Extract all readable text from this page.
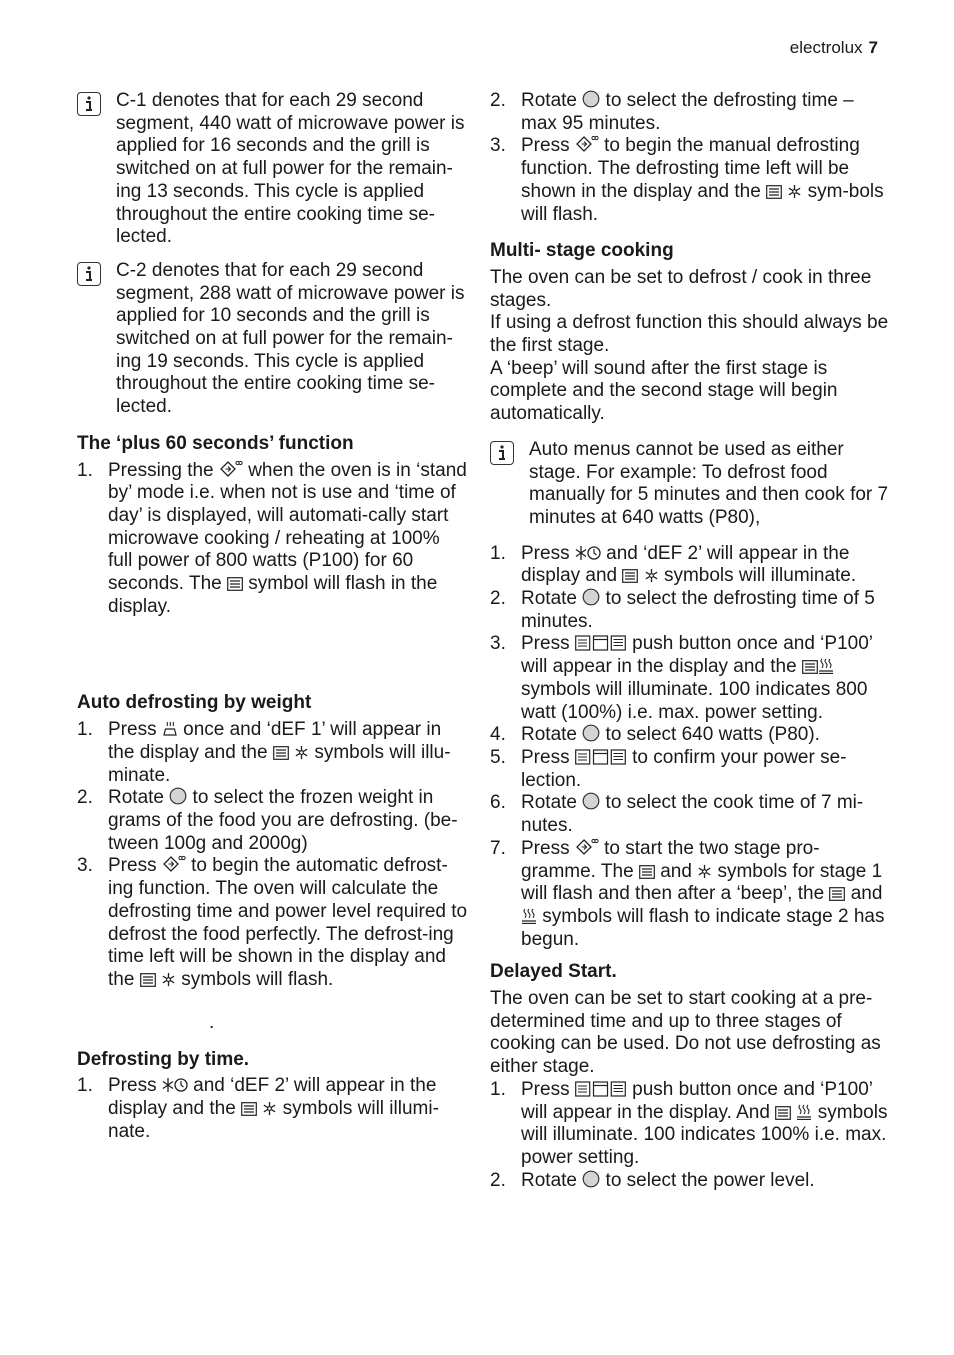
electrolux 7
C-1 denotes that for each 29 second segment, 440 watt of microwave power is applied for 16 seconds and the grill is switched on at full power for the remain-ing 13 seconds. This cycle is applied throughout the entire cooking time se-lected.
C-2 denotes that for each 29 second segment, 288 watt of microwave power is applied for 10 seconds and the grill is switched on at full power for the remain-ing 19 seconds. This cycle is applied throughout the entire cooking time se-lected.
The ‘plus 60 seconds’ function
1. Pressing the when the oven is in ‘stand by’ mode i.e. when not is use and ‘time of day’ is displayed, will automati-cally start microwave cooking / reheating at 100% full power of 800 watts (P100) for 60 seconds. The symbol will flash in the display.
Auto defrosting by weight
1. Press once and ‘dEF 1’ will appear in the display and the
symbols will illu-minate.
2. Rotate to select the frozen weight in grams of the food you are defrosting. (be-tween 100g and 2000g)
3. Press to begin the automatic defrost-ing function. The oven will calculate the defrosting time and power level required to defrost the food perfectly. The defrost-ing time left will be shown in the display and the
symbols will flash.
.
Defrosting by time.
1. Press and ‘dEF 2’ will appear in the display and the
symbols will illumi-nate.
2. Rotate to select the defrosting time – max 95 minutes.
3. Press to begin the manual defrosting function. The defrosting time left will be shown in the display and the
sym-bols will flash.
Multi- stage cooking

The oven can be set to defrost / cook in three stages.

If using a defrost function this should always be the first stage.

A ‘beep’ will sound after the first stage is complete and the second stage will begin automatically.

Auto menus cannot be used as either stage. For example: To defrost food manually for 5 minutes and then cook for 7 minutes at 640 watts (P80),
1. Press and ‘dEF 2’ will appear in the display and
symbols will illuminate.
2. Rotate to select the defrosting time of 5 minutes.
3. Press	push button once and ‘P100’ will appear in the display and the
symbols will illuminate. 100 indicates 800 watt (100%) i.e. max. power setting.
4. Rotate to select 640 watts (P80).
5. Press	to confirm your power se-lection.
6. Rotate to select the cook time of 7 mi-nutes.
7. Press to start the two stage pro-gramme. The and symbols for stage 1 will flash and then after a ‘beep’, the and
symbols will flash to indicate stage 2 has begun.
Delayed Start.

The oven can be set to start cooking at a pre-determined time and up to three stages of cooking can be used. Do not use defrosting as either stage.

1. Press	push button once and ‘P100’ will appear in the display. And
	symbols will illuminate. 100 indicates 100% i.e. max. power setting.
2. Rotate to select the power level.
